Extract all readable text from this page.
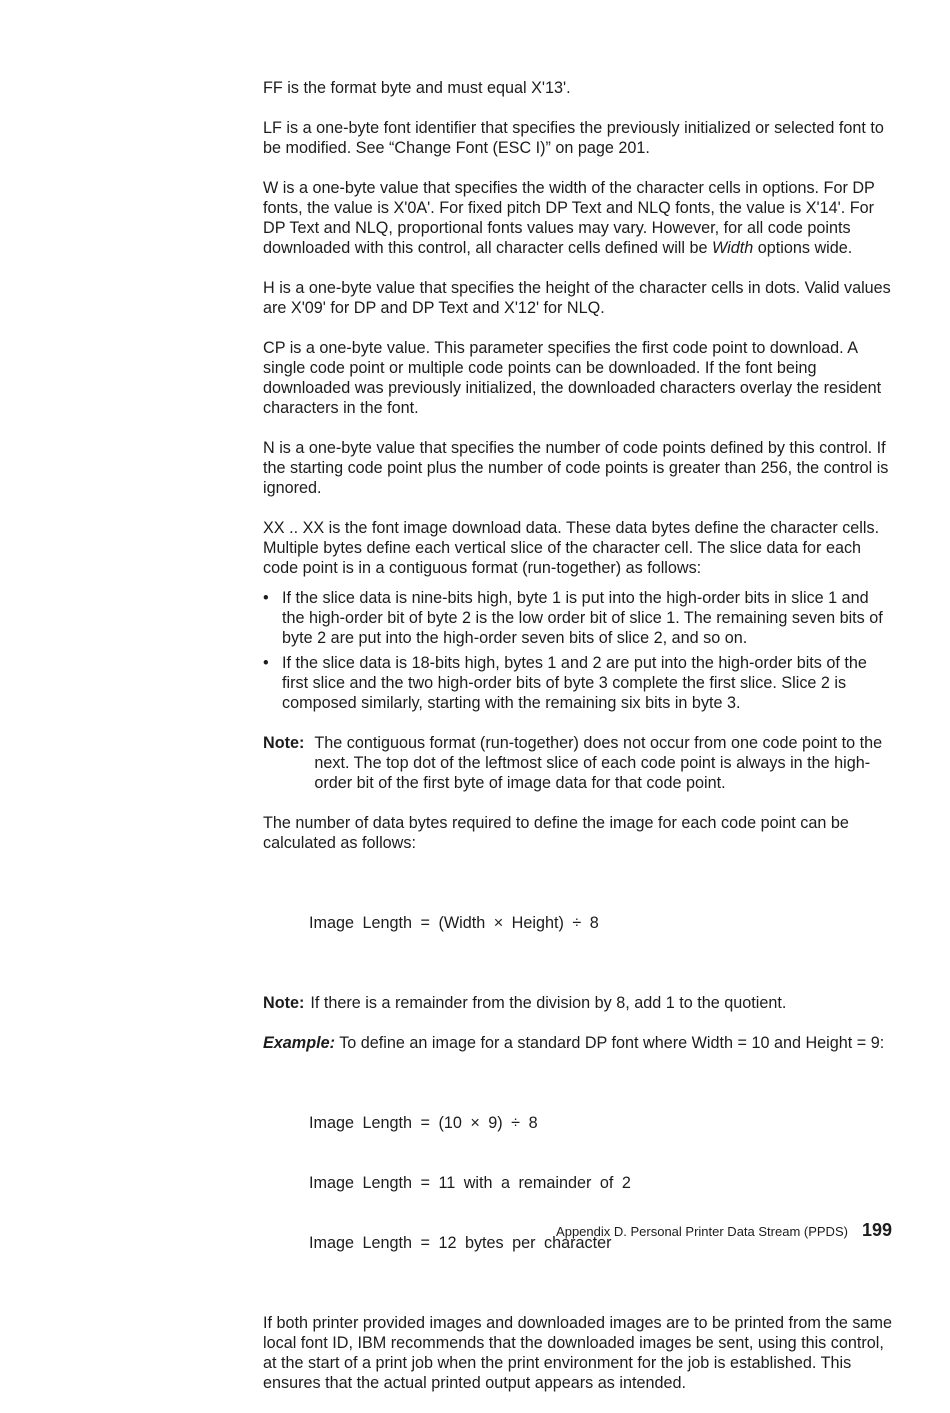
FF is the format byte and must equal X'13'.

LF is a one-byte font identifier that specifies the previously initialized or selected font to be modified. See “Change Font (ESC I)” on page 201.

W is a one-byte value that specifies the width of the character cells in options. For DP fonts, the value is X'0A'. For fixed pitch DP Text and NLQ fonts, the value is X'14'. For DP Text and NLQ, proportional fonts values may vary. However, for all code points downloaded with this control, all character cells defined will be Width options wide.

H is a one-byte value that specifies the height of the character cells in dots. Valid values are X'09' for DP and DP Text and X'12' for NLQ.

CP is a one-byte value. This parameter specifies the first code point to download. A single code point or multiple code points can be downloaded. If the font being downloaded was previously initialized, the downloaded characters overlay the resident characters in the font.

N is a one-byte value that specifies the number of code points defined by this control. If the starting code point plus the number of code points is greater than 256, the control is ignored.

XX .. XX is the font image download data. These data bytes define the character cells. Multiple bytes define each vertical slice of the character cell. The slice data for each code point is in a contiguous format (run-together) as follows:

• If the slice data is nine-bits high, byte 1 is put into the high-order bits in slice 1 and the high-order bit of byte 2 is the low order bit of slice 1. The remaining seven bits of byte 2 are put into the high-order seven bits of slice 2, and so on.
• If the slice data is 18-bits high, bytes 1 and 2 are put into the high-order bits of the first slice and the two high-order bits of byte 3 complete the first slice. Slice 2 is composed similarly, starting with the remaining six bits in byte 3.
Note: The contiguous format (run-together) does not occur from one code point to the next. The top dot of the leftmost slice of each code point is always in the high-order bit of the first byte of image data for that code point.

The number of data bytes required to define the image for each code point can be calculated as follows:

Image Length = (Width × Height) ÷ 8

Note: If there is a remainder from the division by 8, add 1 to the quotient.

Example: To define an image for a standard DP font where Width = 10 and Height = 9:

Image Length = (10 × 9) ÷ 8

Image Length = 11 with a remainder of 2

Image Length = 12 bytes per character

If both printer provided images and downloaded images are to be printed from the same local font ID, IBM recommends that the downloaded images be sent, using this control, at the start of a print job when the print environment for the job is established. This ensures that the actual printed output appears as intended.

Appendix D. Personal Printer Data Stream (PPDS) 199
